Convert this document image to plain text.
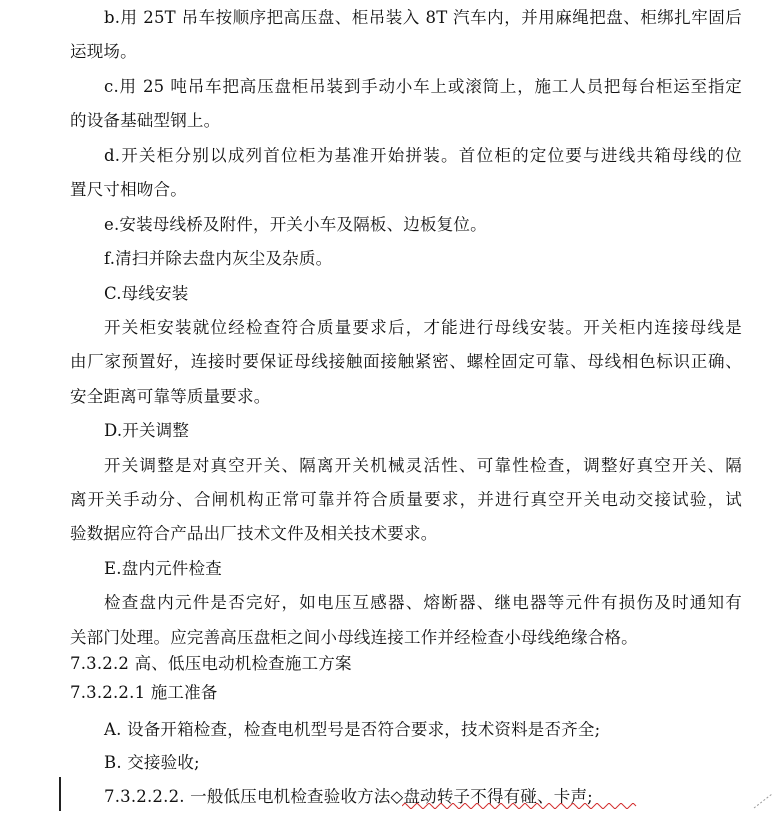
b.用 25T 吊车按顺序把高压盘、柜吊装入 8T 汽车内，并用麻绳把盘、柜绑扎牢固后
运现场。
c.用 25 吨吊车把高压盘柜吊装到手动小车上或滚筒上，施工人员把每台柜运至指定
的设备基础型钢上。
d.开关柜分别以成列首位柜为基准开始拼装。首位柜的定位要与进线共箱母线的位
置尺寸相吻合。
e.安装母线桥及附件，开关小车及隔板、边板复位。
f.清扫并除去盘内灰尘及杂质。
C.母线安装
开关柜安装就位经检查符合质量要求后，才能进行母线安装。开关柜内连接母线是
由厂家预置好，连接时要保证母线接触面接触紧密、螺栓固定可靠、母线相色标识正确、
安全距离可靠等质量要求。
D.开关调整
开关调整是对真空开关、隔离开关机械灵活性、可靠性检查，调整好真空开关、隔
离开关手动分、合闸机构正常可靠并符合质量要求，并进行真空开关电动交接试验，试
验数据应符合产品出厂技术文件及相关技术要求。
E.盘内元件检查
检查盘内元件是否完好，如电压互感器、熔断器、继电器等元件有损伤及时通知有
关部门处理。应完善高压盘柜之间小母线连接工作并经检查小母线绝缘合格。
7.3.2.2 高、低压电动机检查施工方案
7.3.2.2.1 施工准备
A. 设备开箱检查，检查电机型号是否符合要求，技术资料是否齐全;
B. 交接验收;
7.3.2.2.2. 一般低压电机检查验收方法◇盘动转子不得有碰、卡声;
